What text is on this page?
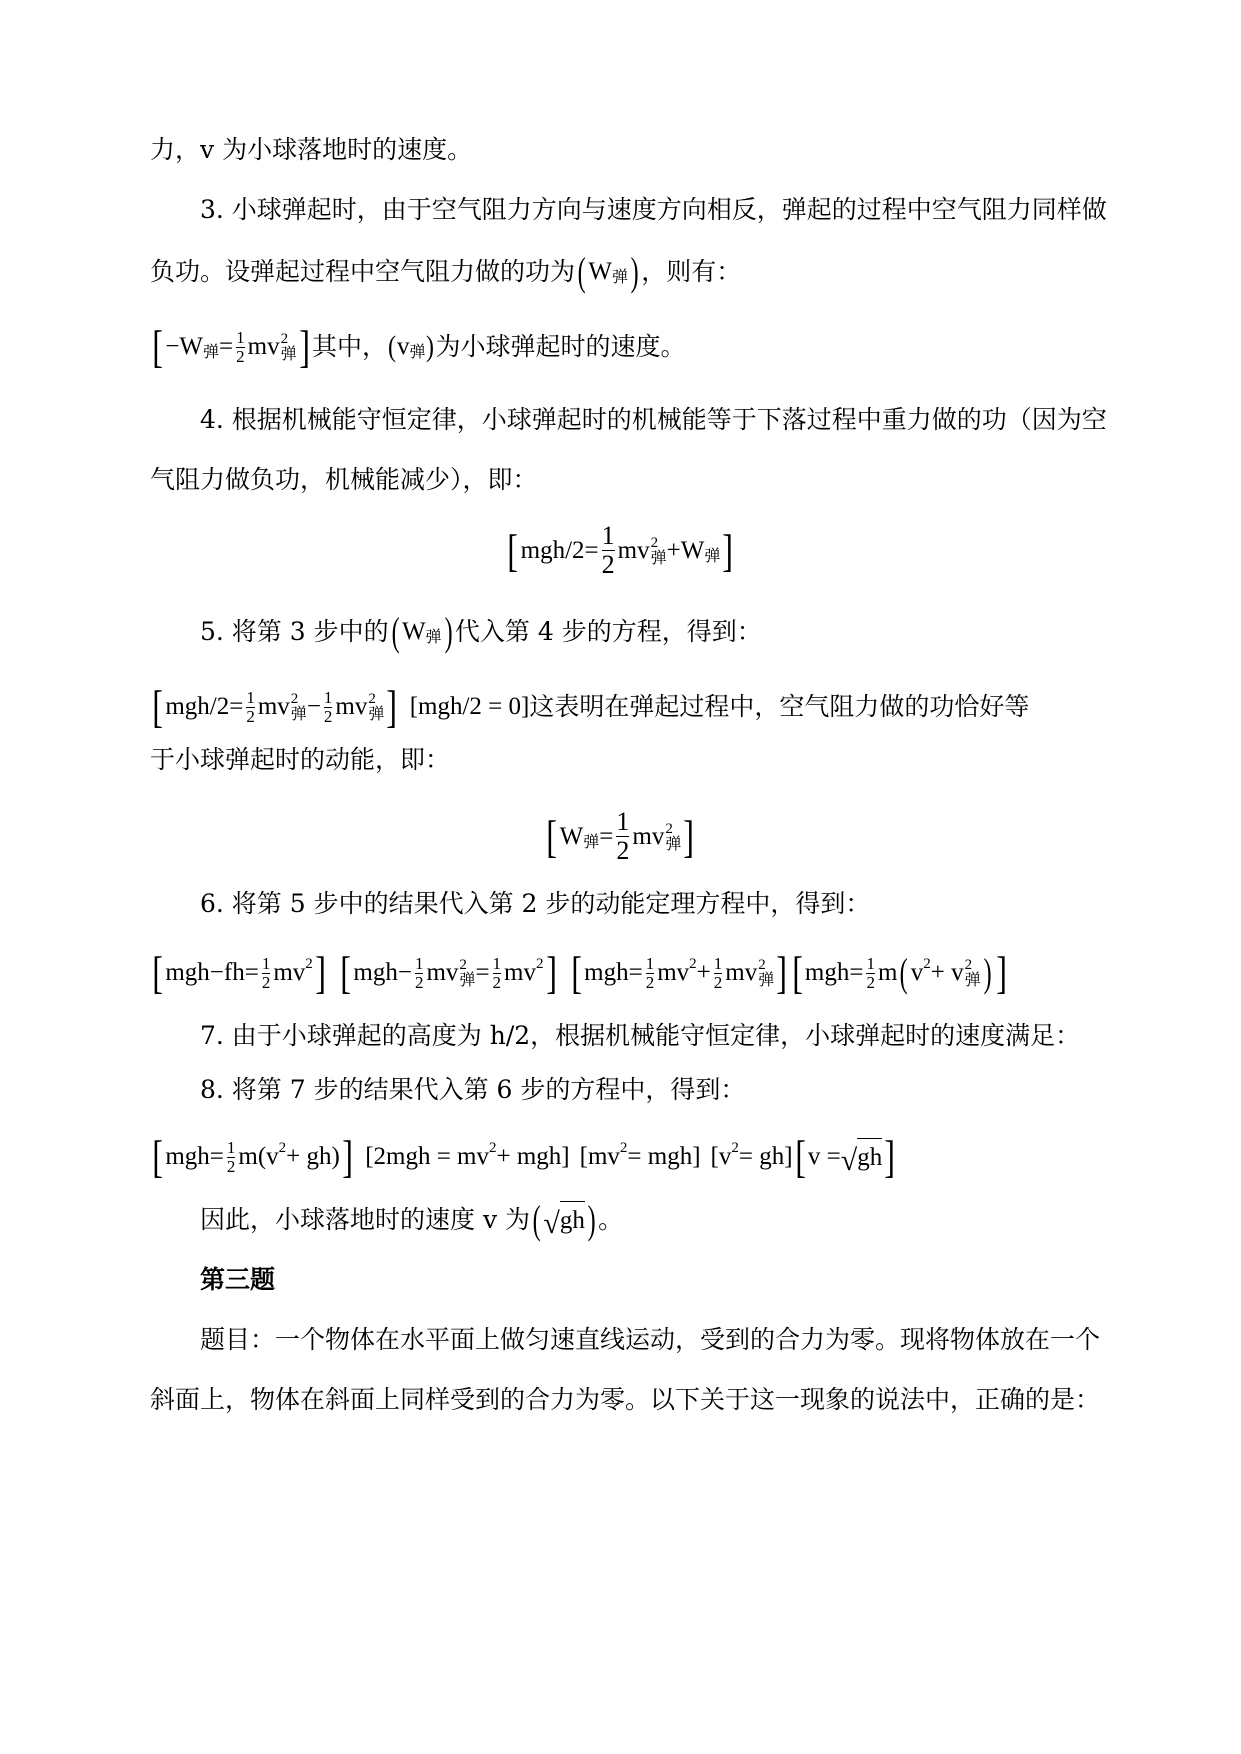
力，v 为小球落地时的速度。
3. 小球弹起时，由于空气阻力方向与速度方向相反，弹起的过程中空气阻力同样做
负功。设弹起过程中空气阻力做的功为 ( W 弹 ) ，则有：
[ −W 弹 = $\frac{1}{2}$ mv 2
弹 ] 其中， ( v 弹 ) 为小球弹起时的速度。
4. 根据机械能守恒定律，小球弹起时的机械能等于下落过程中重力做的功（因为空
气阻力做负功，机械能减少），即：
[ $mgh/2 = \frac{1}{2}$ mv 2
弹 + W 弹 ]
5. 将第 3 步中的 ( W 弹 ) 代入第 4 步的方程，得到：
[ $mgh/2 = \frac{1}{2}$ mv 2
弹 − $\frac{1}{2}$ mv 2
弹 ] [mgh/2 = 0] 这表明在弹起过程中，空气阻力做的功恰好等
于小球弹起时的动能，即：
[ W 弹 = $\frac{1}{2}$ mv 2
弹 ]
6. 将第 5 步中的结果代入第 2 步的动能定理方程中，得到：
[ $mgh-fh = \frac{1}{2}$ mv 2 ] [ $mgh- \frac{1}{2}$ mv 2
弹 = $\frac{1}{2}$ mv 2 ] [ mgh = $\frac{1}{2}$ mv $2 + \frac{1}{2}$ mv 2
弹 ] [ mgh = $\frac{1}{2}$ m ( v 2 + v 2
弹 ) ]
7. 由于小球弹起的高度为 h/2，根据机械能守恒定律，小球弹起时的速度满足：
8. 将第 7 步的结果代入第 6 步的方程中，得到：
[ mgh = $\frac{1}{2} m(v$ 2 + gh) ] [2mgh = mv 2 + mgh] [mv 2 = mgh] [v 2 = gh] [ v = √ gh ]
因此，小球落地时的速度 v 为 ( √ gh ) 。
第三题
题目：一个物体在水平面上做匀速直线运动，受到的合力为零。现将物体放在一个
斜面上，物体在斜面上同样受到的合力为零。以下关于这一现象的说法中，正确的是：
